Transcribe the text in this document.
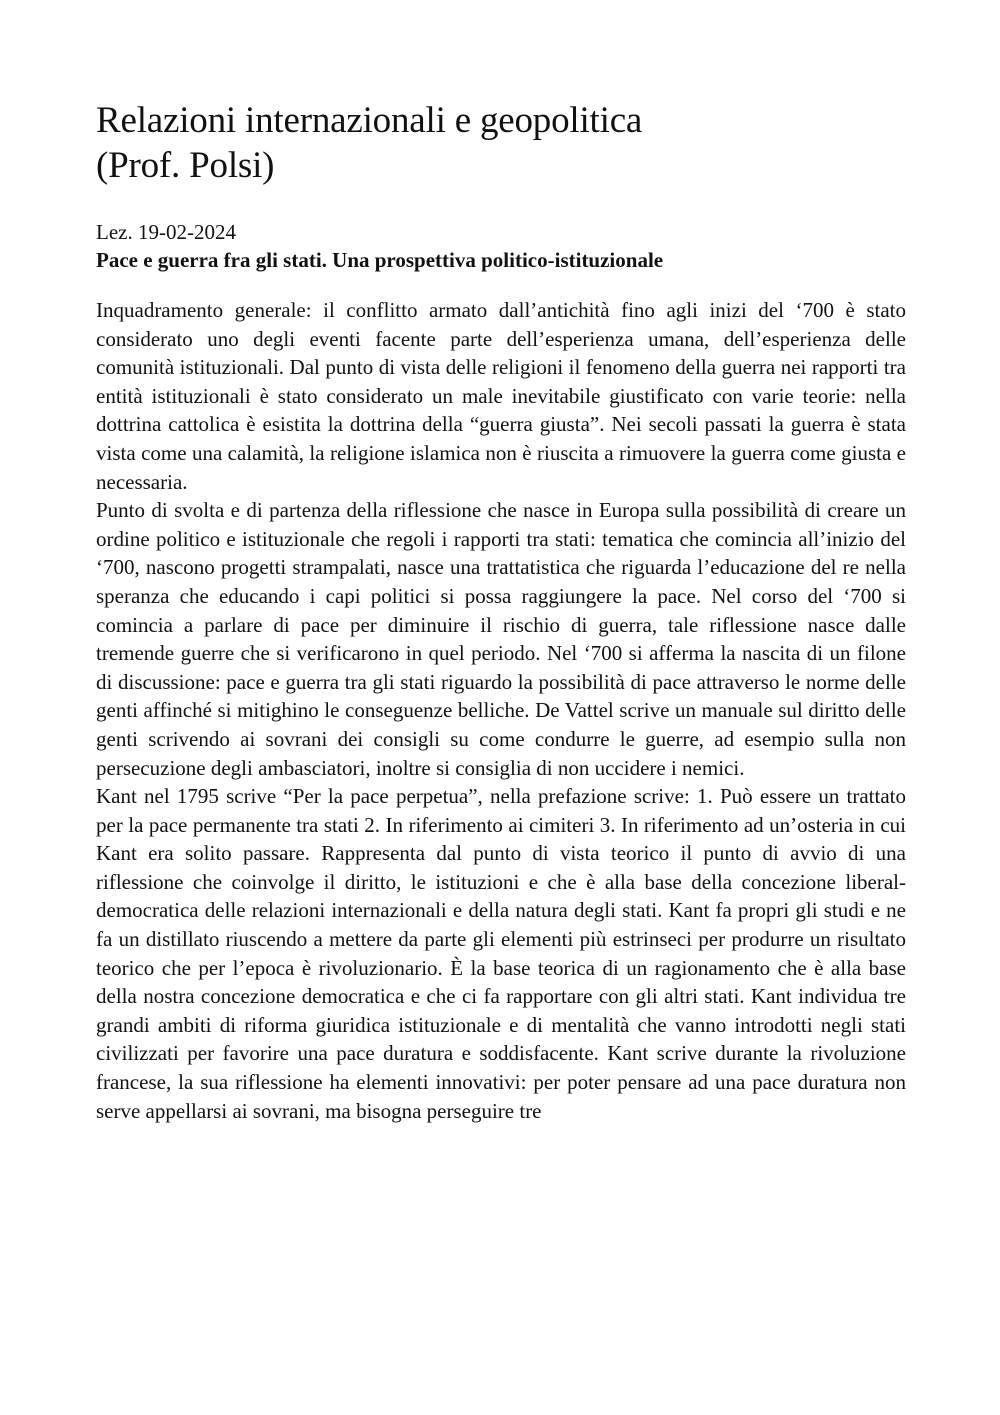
Relazioni internazionali e geopolitica
(Prof. Polsi)

Lez. 19-02-2024

Pace e guerra fra gli stati. Una prospettiva politico-istituzionale

Inquadramento generale: il conflitto armato dall’antichità fino agli inizi del ‘700 è stato considerato uno degli eventi facente parte dell’esperienza umana, dell’esperienza delle comunità istituzionali. Dal punto di vista delle religioni il fenomeno della guerra nei rapporti tra entità istituzionali è stato considerato un male inevitabile giustificato con varie teorie: nella dottrina cattolica è esistita la dottrina della “guerra giusta”. Nei secoli passati la guerra è stata vista come una calamità, la religione islamica non è riuscita a rimuovere la guerra come giusta e necessaria.

Punto di svolta e di partenza della riflessione che nasce in Europa sulla possibilità di creare un ordine politico e istituzionale che regoli i rapporti tra stati: tematica che comincia all’inizio del ‘700, nascono progetti strampalati, nasce una trattatistica che riguarda l’educazione del re nella speranza che educando i capi politici si possa raggiungere la pace. Nel corso del ‘700 si comincia a parlare di pace per diminuire il rischio di guerra, tale riflessione nasce dalle tremende guerre che si verificarono in quel periodo. Nel ‘700 si afferma la nascita di un filone di discussione: pace e guerra tra gli stati riguardo la possibilità di pace attraverso le norme delle genti affinché si mitighino le conseguenze belliche. De Vattel scrive un manuale sul diritto delle genti scrivendo ai sovrani dei consigli su come condurre le guerre, ad esempio sulla non persecuzione degli ambasciatori, inoltre si consiglia di non uccidere i nemici.

Kant nel 1795 scrive “Per la pace perpetua”, nella prefazione scrive: 1. Può essere un trattato per la pace permanente tra stati 2. In riferimento ai cimiteri 3. In riferimento ad un’osteria in cui Kant era solito passare. Rappresenta dal punto di vista teorico il punto di avvio di una riflessione che coinvolge il diritto, le istituzioni e che è alla base della concezione liberal-democratica delle relazioni internazionali e della natura degli stati. Kant fa propri gli studi e ne fa un distillato riuscendo a mettere da parte gli elementi più estrinseci per produrre un risultato teorico che per l’epoca è rivoluzionario. È la base teorica di un ragionamento che è alla base della nostra concezione democratica e che ci fa rapportare con gli altri stati. Kant individua tre grandi ambiti di riforma giuridica istituzionale e di mentalità che vanno introdotti negli stati civilizzati per favorire una pace duratura e soddisfacente. Kant scrive durante la rivoluzione francese, la sua riflessione ha elementi innovativi: per poter pensare ad una pace duratura non serve appellarsi ai sovrani, ma bisogna perseguire tre
